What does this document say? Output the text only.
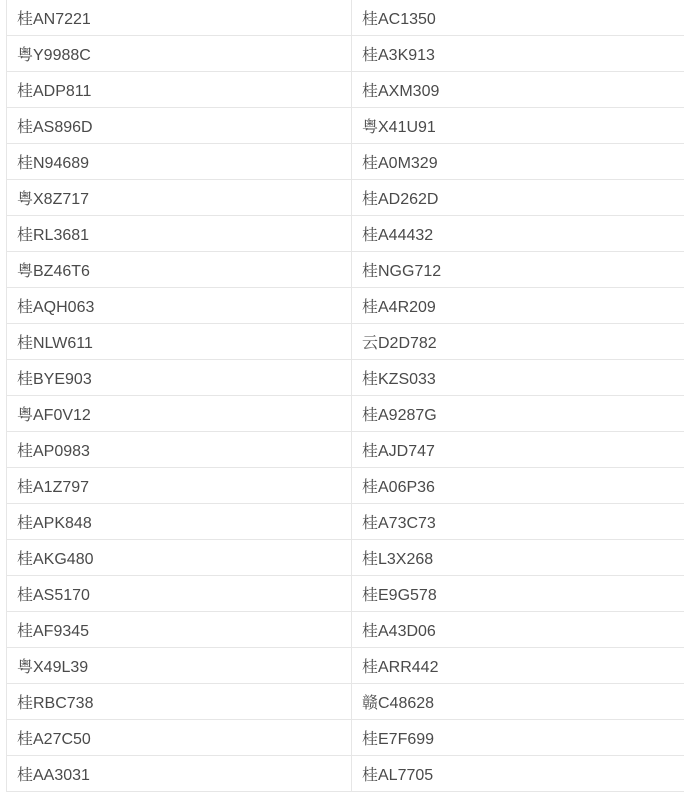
桂AN7221	桂AC1350
粤Y9988C	桂A3K913
桂ADP811	桂AXM309
桂AS896D	粤X41U91
桂N94689	桂A0M329
粤X8Z717	桂AD262D
桂RL3681	桂A44432
粤BZ46T6	桂NGG712
桂AQH063	桂A4R209
桂NLW611	云D2D782
桂BYE903	桂KZS033
粤AF0V12	桂A9287G
桂AP0983	桂AJD747
桂A1Z797	桂A06P36
桂APK848	桂A73C73
桂AKG480	桂L3X268
桂AS5170	桂E9G578
桂AF9345	桂A43D06
粤X49L39	桂ARR442
桂RBC738	赣C48628
桂A27C50	桂E7F699
桂AA3031	桂AL7705
